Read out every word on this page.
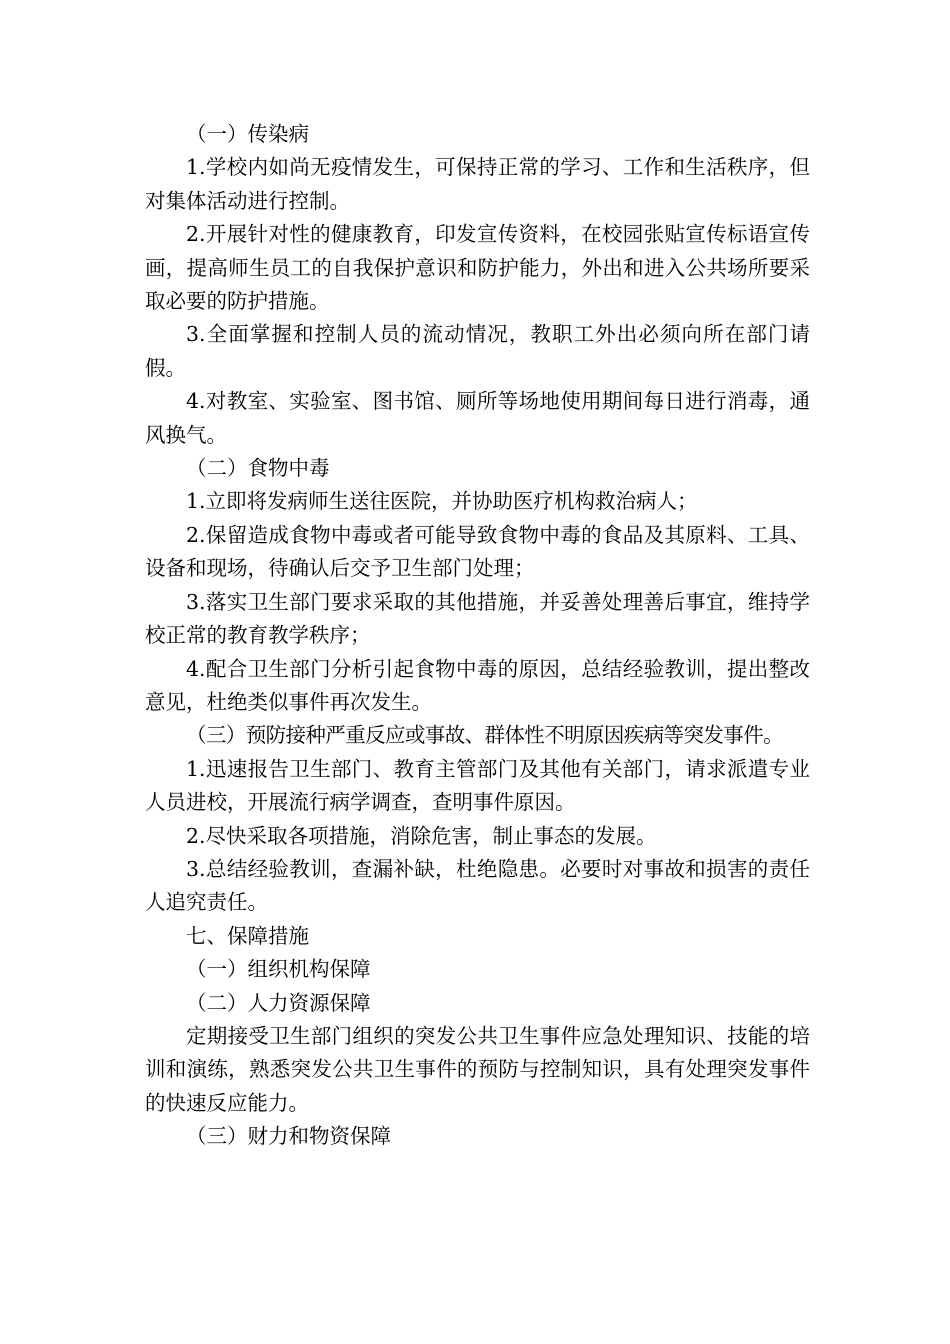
（一）传染病

1.学校内如尚无疫情发生，可保持正常的学习、工作和生活秩序，但对集体活动进行控制。

2.开展针对性的健康教育，印发宣传资料，在校园张贴宣传标语宣传画，提高师生员工的自我保护意识和防护能力，外出和进入公共场所要采取必要的防护措施。

3.全面掌握和控制人员的流动情况，教职工外出必须向所在部门请假。

4.对教室、实验室、图书馆、厕所等场地使用期间每日进行消毒，通风换气。

（二）食物中毒

1.立即将发病师生送往医院，并协助医疗机构救治病人；

2.保留造成食物中毒或者可能导致食物中毒的食品及其原料、工具、设备和现场，待确认后交予卫生部门处理；

3.落实卫生部门要求采取的其他措施，并妥善处理善后事宜，维持学校正常的教育教学秩序；

4.配合卫生部门分析引起食物中毒的原因，总结经验教训，提出整改意见，杜绝类似事件再次发生。

（三）预防接种严重反应或事故、群体性不明原因疾病等突发事件。

1.迅速报告卫生部门、教育主管部门及其他有关部门，请求派遣专业人员进校，开展流行病学调查，查明事件原因。

2.尽快采取各项措施，消除危害，制止事态的发展。

3.总结经验教训，查漏补缺，杜绝隐患。必要时对事故和损害的责任人追究责任。

七、保障措施

（一）组织机构保障

（二）人力资源保障

定期接受卫生部门组织的突发公共卫生事件应急处理知识、技能的培训和演练，熟悉突发公共卫生事件的预防与控制知识，具有处理突发事件的快速反应能力。

（三）财力和物资保障
